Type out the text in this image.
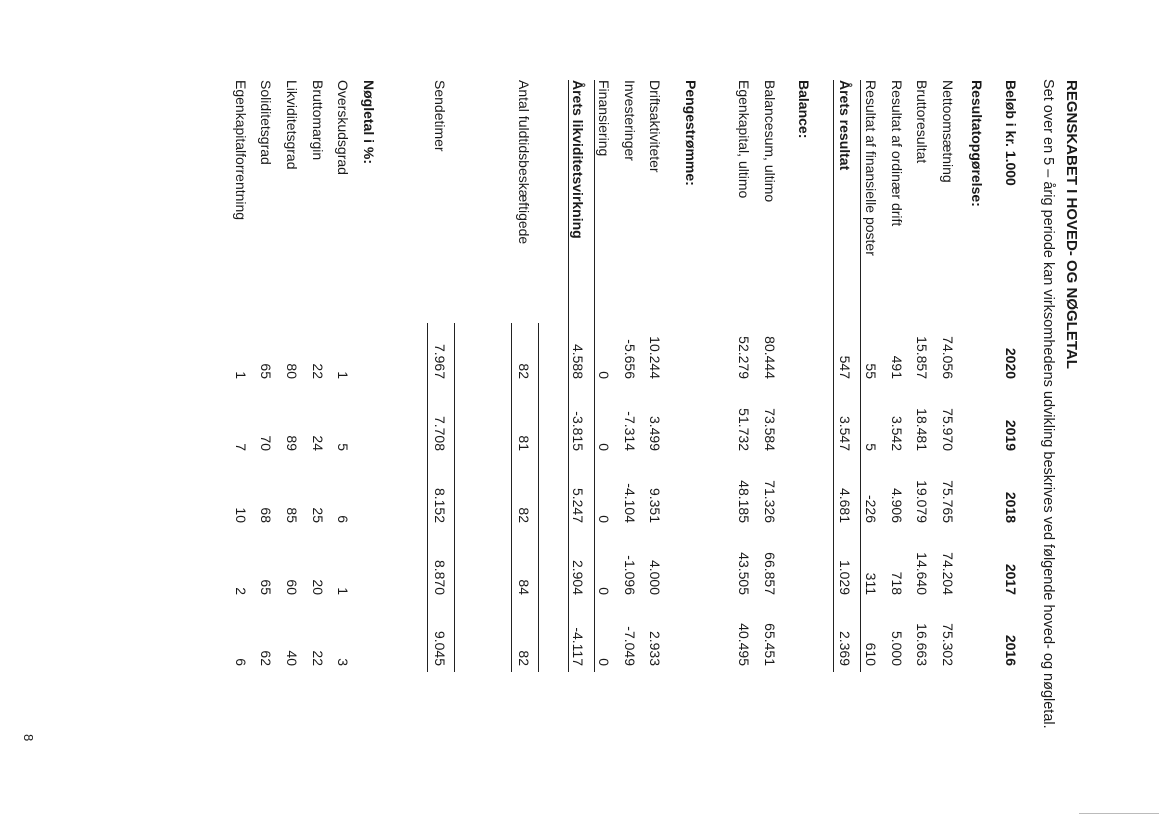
REGNSKABET I HOVED- OG NØGLETAL
Set over en 5 – årig periode kan virksomhedens udvikling beskrives ved følgende hoved- og nøgletal.
Beløb i kr. 1.000
2020
2019
2018
2017
2016
Resultatopgørelse:
Nettoomsætning
74.056
75.970
75.765
74.204
75.302
Bruttoresultat
15.857
18.481
19.079
14.640
16.663
Resultat af ordinær drift
491
3.542
4.906
718
5.000
Resultat af finansielle poster
55
5
-226
311
610
Årets resultat
547
3.547
4.681
1.029
2.369
Balance:
Balancesum, ultimo
80.444
73.584
71.326
66.857
65.451
Egenkapital, ultimo
52.279
51.732
48.185
43.505
40.495
Pengestrømme:
Driftsaktiviteter
10.244
3.499
9.351
4.000
2.933
Investeringer
-5.656
-7.314
-4.104
-1.096
-7.049
Finansiering
0
0
0
0
0
Årets likviditetsvirkning
4.588
-3.815
5.247
2.904
-4.117
Antal fuldtidsbeskæftigede
82
81
82
84
82
Sendetimer
7.967
7.708
8.152
8.870
9.045
Nøgletal i %:
Overskudsgrad
1
5
6
1
3
Bruttomargin
22
24
25
20
22
Likviditetsgrad
80
89
85
60
40
Soliditetsgrad
65
70
68
65
62
Egenkapitalforrentning
1
7
10
2
6
8
